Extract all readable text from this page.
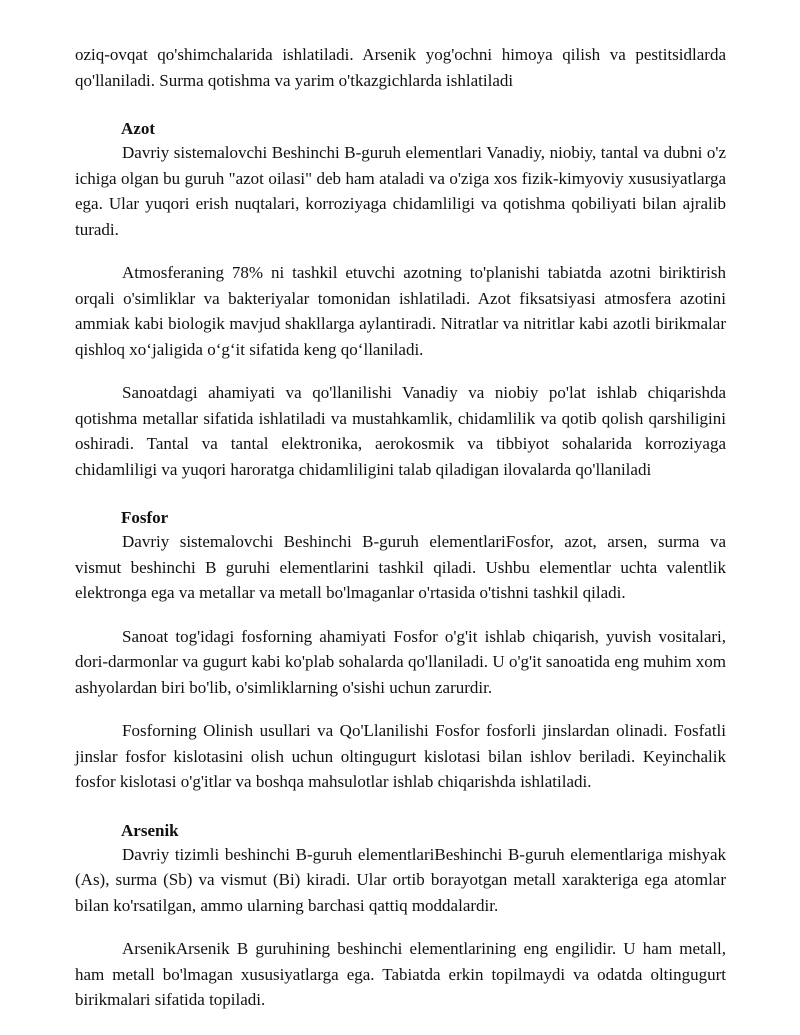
oziq-ovqat qo'shimchalarida ishlatiladi. Arsenik yog'ochni himoya qilish va pestitsidlarda qo'llaniladi. Surma qotishma va yarim o'tkazgichlarda ishlatiladi

Azot

Davriy sistemalovchi Beshinchi B-guruh elementlari Vanadiy, niobiy, tantal va dubni o'z ichiga olgan bu guruh "azot oilasi" deb ham ataladi va o'ziga xos fizik-kimyoviy xususiyatlarga ega. Ular yuqori erish nuqtalari, korroziyaga chidamliligi va qotishma qobiliyati bilan ajralib turadi.

Atmosferaning 78% ni tashkil etuvchi azotning to'planishi tabiatda azotni biriktirish orqali o'simliklar va bakteriyalar tomonidan ishlatiladi. Azot fiksatsiyasi atmosfera azotini ammiak kabi biologik mavjud shakllarga aylantiradi. Nitratlar va nitritlar kabi azotli birikmalar qishloq xo‘jaligida o‘g‘it sifatida keng qo‘llaniladi.

Sanoatdagi ahamiyati va qo'llanilishi Vanadiy va niobiy po'lat ishlab chiqarishda qotishma metallar sifatida ishlatiladi va mustahkamlik, chidamlilik va qotib qolish qarshiligini oshiradi. Tantal va tantal elektronika, aerokosmik va tibbiyot sohalarida korroziyaga chidamliligi va yuqori haroratga chidamliligini talab qiladigan ilovalarda qo'llaniladi

Fosfor

Davriy sistemalovchi Beshinchi B-guruh elementlariFosfor, azot, arsen, surma va vismut beshinchi B guruhi elementlarini tashkil qiladi. Ushbu elementlar uchta valentlik elektronga ega va metallar va metall bo'lmaganlar o'rtasida o'tishni tashkil qiladi.

Sanoat tog'idagi fosforning ahamiyati Fosfor o'g'it ishlab chiqarish, yuvish vositalari, dori-darmonlar va gugurt kabi ko'plab sohalarda qo'llaniladi. U o'g'it sanoatida eng muhim xom ashyolardan biri bo'lib, o'simliklarning o'sishi uchun zarurdir.

Fosforning Olinish usullari va Qo'Llanilishi Fosfor fosforli jinslardan olinadi. Fosfatli jinslar fosfor kislotasini olish uchun oltingugurt kislotasi bilan ishlov beriladi. Keyinchalik fosfor kislotasi o'g'itlar va boshqa mahsulotlar ishlab chiqarishda ishlatiladi.

Arsenik

Davriy tizimli beshinchi B-guruh elementlariBeshinchi B-guruh elementlariga mishyak (As), surma (Sb) va vismut (Bi) kiradi. Ular ortib borayotgan metall xarakteriga ega atomlar bilan ko'rsatilgan, ammo ularning barchasi qattiq moddalardir.

ArsenikArsenik B guruhining beshinchi elementlarining eng engilidir. U ham metall, ham metall bo'lmagan xususiyatlarga ega. Tabiatda erkin topilmaydi va odatda oltingugurt birikmalari sifatida topiladi.
